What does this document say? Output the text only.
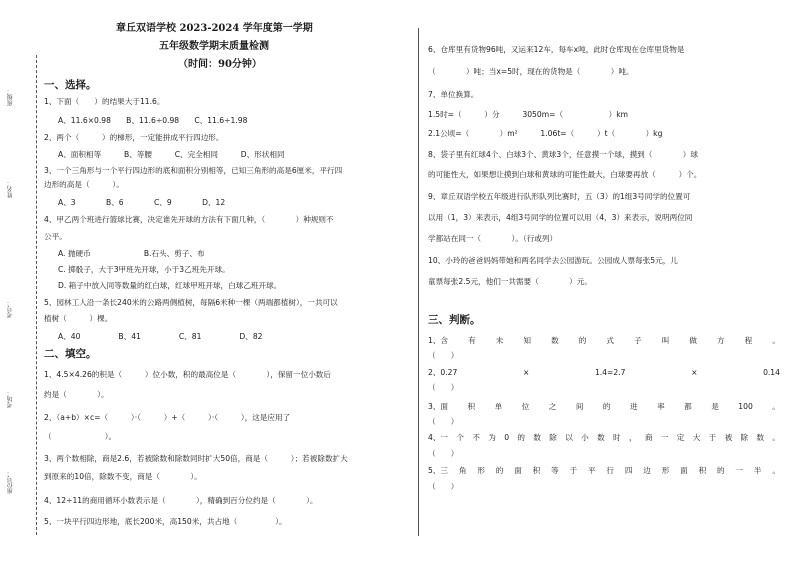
班级：
姓名：
考号：
考场：
座位号：
章丘双语学校 2023-2024 学年度第一学期
五年级数学期末质量检测
（时间：90分钟）
一、选择。
1、下面（　　）的结果大于11.6。
A、11.6×0.98　　B、11.6÷0.98　　C、11.6÷1.98
2、两个（　　　）的梯形，一定能拼成平行四边形。
A、面积相等　　　B、等腰　　　C、完全相同　　　D、形状相同
3、一个三角形与一个平行四边形的底和面积分别相等，已知三角形的高是6厘米，平行四
边形的高是（　　　）。
A、3　　　　B、6　　　　C、9　　　　D、12
4、甲乙两个班进行篮球比赛，决定谁先开球的方法有下面几种，（　　　　）种规则不
公平。
A. 抛硬币　　　　　　　B.石头、剪子、布
C. 掷骰子，大于3甲班先开球，小于3乙班先开球。
D. 箱子中放入同等数量的红白球，红球甲班开球，白球乙班开球。
5、园林工人沿一条长240米的公路两侧植树，每隔6米种一棵（两端都植树），一共可以
植树（　　　）棵。
A、40　　　　　B、41　　　　　C、81　　　　　D、82
二、填空。
1、4.5×4.26的积是（　　　）位小数，积的最高位是（　　　　），保留一位小数后
约是（　　　　）。
2、（a+b）×c=（　　　）·（　　　）+（　　　）·（　　　），这是应用了
（　　　　　　　）。
3、两个数相除，商是2.6，若被除数和除数同时扩大50倍，商是（　　　）；若被除数扩大
到原来的10倍，除数不变，商是（　　　　）。
4、12÷11的商用循环小数表示是（　　　　），精确到百分位约是（　　　　）。
5、一块平行四边形地，底长200米，高150米，共占地（　　　　　）。
6、仓库里有货物96吨，又运来12车，每车x吨，此时仓库现在仓库里货物是
（　　　　）吨；当x=5时，现在的货物是（　　　　）吨。
7、单位换算。
1.5时=（　　　）分　　　3050m=（　　　　　　）km
2.1公顷=（　　　　）m²　　　1.06t=（　　　）t（　　　　）kg
8、袋子里有红球4个、白球3个、黄球3个，任意摸一个球，摸到（　　　　）球
的可能性大，如果想让摸到白球和黄球的可能性最大，白球要再放（　　　）个。
9、章丘双语学校五年级进行队形队列比赛时，五（3）的1组3号同学的位置可
以用（1，3）来表示，4组3号同学的位置可以用（4，3）来表示，说明两位同
学都站在同一（　　　　）。（行或列）
10、小玲的爸爸妈妈带她和两名同学去公园游玩。公园成人票每张5元，儿
童票每张2.5元，他们一共需要（　　　　）元。
三、判断。
1、含	有	未	知	数	的	式	子	叫	做	方	程	。
（　　）
2、0.27	×	1.4=2.7	×	0.14
（　　）
3、面	积	单	位	之	间	的	进	率	都	是	100	。
（　　）
4、一 个 不 为 0 的 数 除 以 小 数 时 ， 商 一 定 大 于 被 除 数 。
（　　）
5、三 角 形 的 面 积 等 于 平 行 四 边 形 面 积 的 一 半 。
（　　）
